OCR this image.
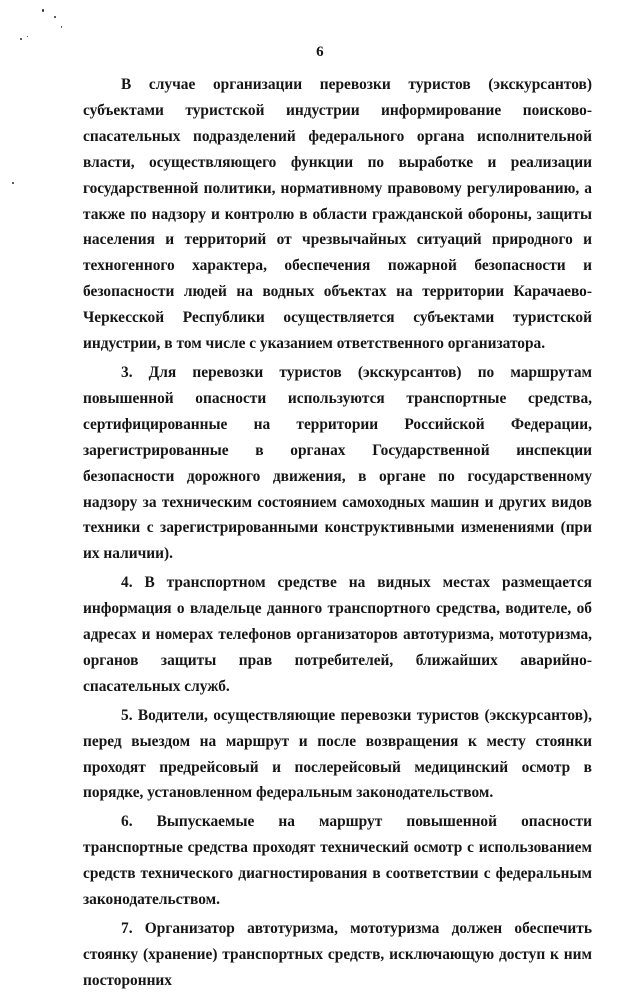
6

В случае организации перевозки туристов (экскурсантов) субъектами туристской индустрии информирование поисково-спасательных подразделений федерального органа исполнительной власти, осуществляющего функции по выработке и реализации государственной политики, нормативному правовому регулированию, а также по надзору и контролю в области гражданской обороны, защиты населения и территорий от чрезвычайных ситуаций природного и техногенного характера, обеспечения пожарной безопасности и безопасности людей на водных объектах на территории Карачаево-Черкесской Республики осуществляется субъектами туристской индустрии, в том числе с указанием ответственного организатора.

3. Для перевозки туристов (экскурсантов) по маршрутам повышенной опасности используются транспортные средства, сертифицированные на территории Российской Федерации, зарегистрированные в органах Государственной инспекции безопасности дорожного движения, в органе по государственному надзору за техническим состоянием самоходных машин и других видов техники с зарегистрированными конструктивными изменениями (при их наличии).

4. В транспортном средстве на видных местах размещается информация о владельце данного транспортного средства, водителе, об адресах и номерах телефонов организаторов автотуризма, мототуризма, органов защиты прав потребителей, ближайших аварийно-спасательных служб.

5. Водители, осуществляющие перевозки туристов (экскурсантов), перед выездом на маршрут и после возвращения к месту стоянки проходят предрейсовый и послерейсовый медицинский осмотр в порядке, установленном федеральным законодательством.

6. Выпускаемые на маршрут повышенной опасности транспортные средства проходят технический осмотр с использованием средств технического диагностирования в соответствии с федеральным законодательством.

7. Организатор автотуризма, мототуризма должен обеспечить стоянку (хранение) транспортных средств, исключающую доступ к ним посторонних
